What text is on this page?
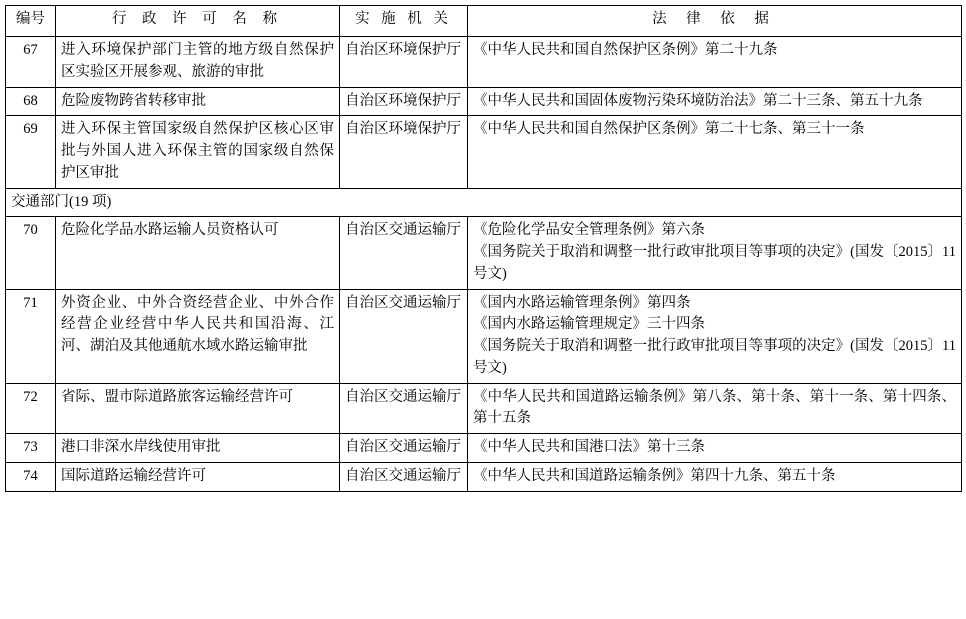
编号	行 政 许 可 名 称	实 施 机 关	法 律 依 据
67	进入环境保护部门主管的地方级自然保护区实验区开展参观、旅游的审批	自治区环境保护厅	《中华人民共和国自然保护区条例》第二十九条

68	危险废物跨省转移审批	自治区环境保护厅	《中华人民共和国固体废物污染环境防治法》第二十三条、第五十九条

69	进入环保主管国家级自然保护区核心区审批与外国人进入环保主管的国家级自然保护区审批	自治区环境保护厅	《中华人民共和国自然保护区条例》第二十七条、第三十一条

交通部门(19 项)			
70	危险化学品水路运输人员资格认可	自治区交通运输厅	《危险化学品安全管理条例》第六条
《国务院关于取消和调整一批行政审批项目等事项的决定》(国发〔2015〕11 号文)

71	外资企业、中外合资经营企业、中外合作经营企业经营中华人民共和国沿海、江河、湖泊及其他通航水域水路运输审批	自治区交通运输厅	《国内水路运输管理条例》第四条
《国内水路运输管理规定》三十四条
《国务院关于取消和调整一批行政审批项目等事项的决定》(国发〔2015〕11 号文)

72	省际、盟市际道路旅客运输经营许可	自治区交通运输厅	《中华人民共和国道路运输条例》第八条、第十条、第十一条、第十四条、第十五条

73	港口非深水岸线使用审批	自治区交通运输厅	《中华人民共和国港口法》第十三条

74	国际道路运输经营许可	自治区交通运输厅	《中华人民共和国道路运输条例》第四十九条、第五十条
